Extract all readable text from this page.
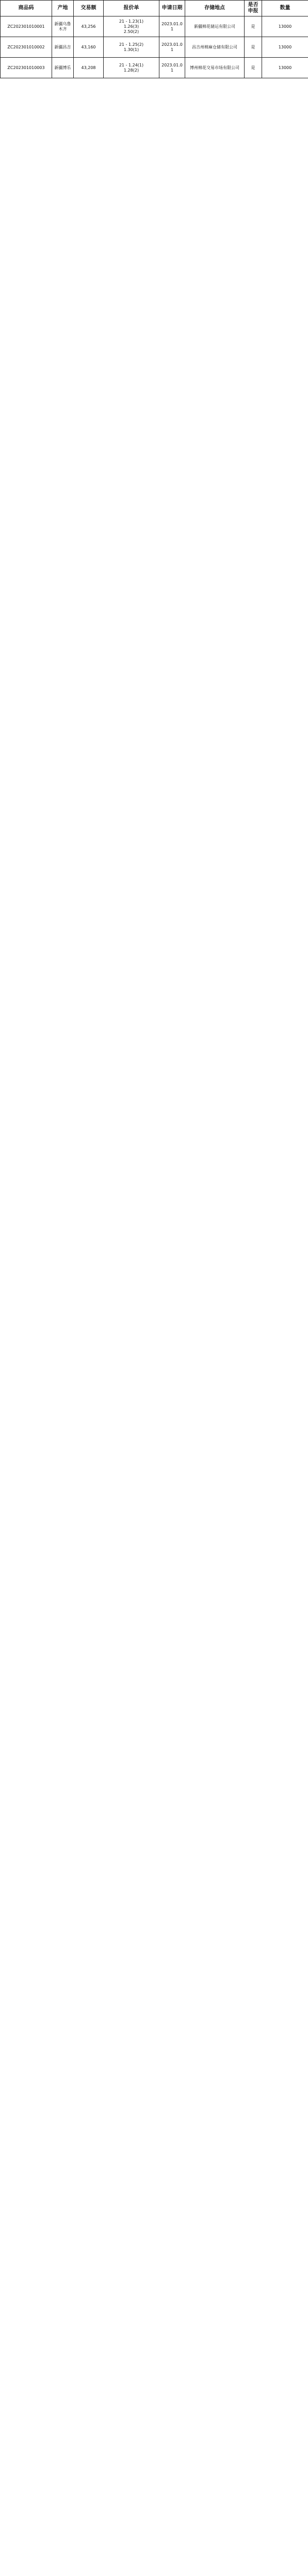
商品码	产地	交易额	报价单	申请日期	存储地点	是否申报	数量
ZC202301010001	新疆乌鲁木齐	43,256	21 - 1.23(1)
1.26(3)
2.50(2)	2023.01.01	新疆棉花储运有限公司	是	13000
ZC202301010002	新疆昌吉	43,160	21 - 1.25(2)
1.30(1)	2023.01.01	昌吉州棉麻仓储有限公司	是	13000
ZC202301010003	新疆博乐	43,208	21 - 1.24(1)
1.28(2)	2023.01.01	博州棉花交易市场有限公司	是	13000
